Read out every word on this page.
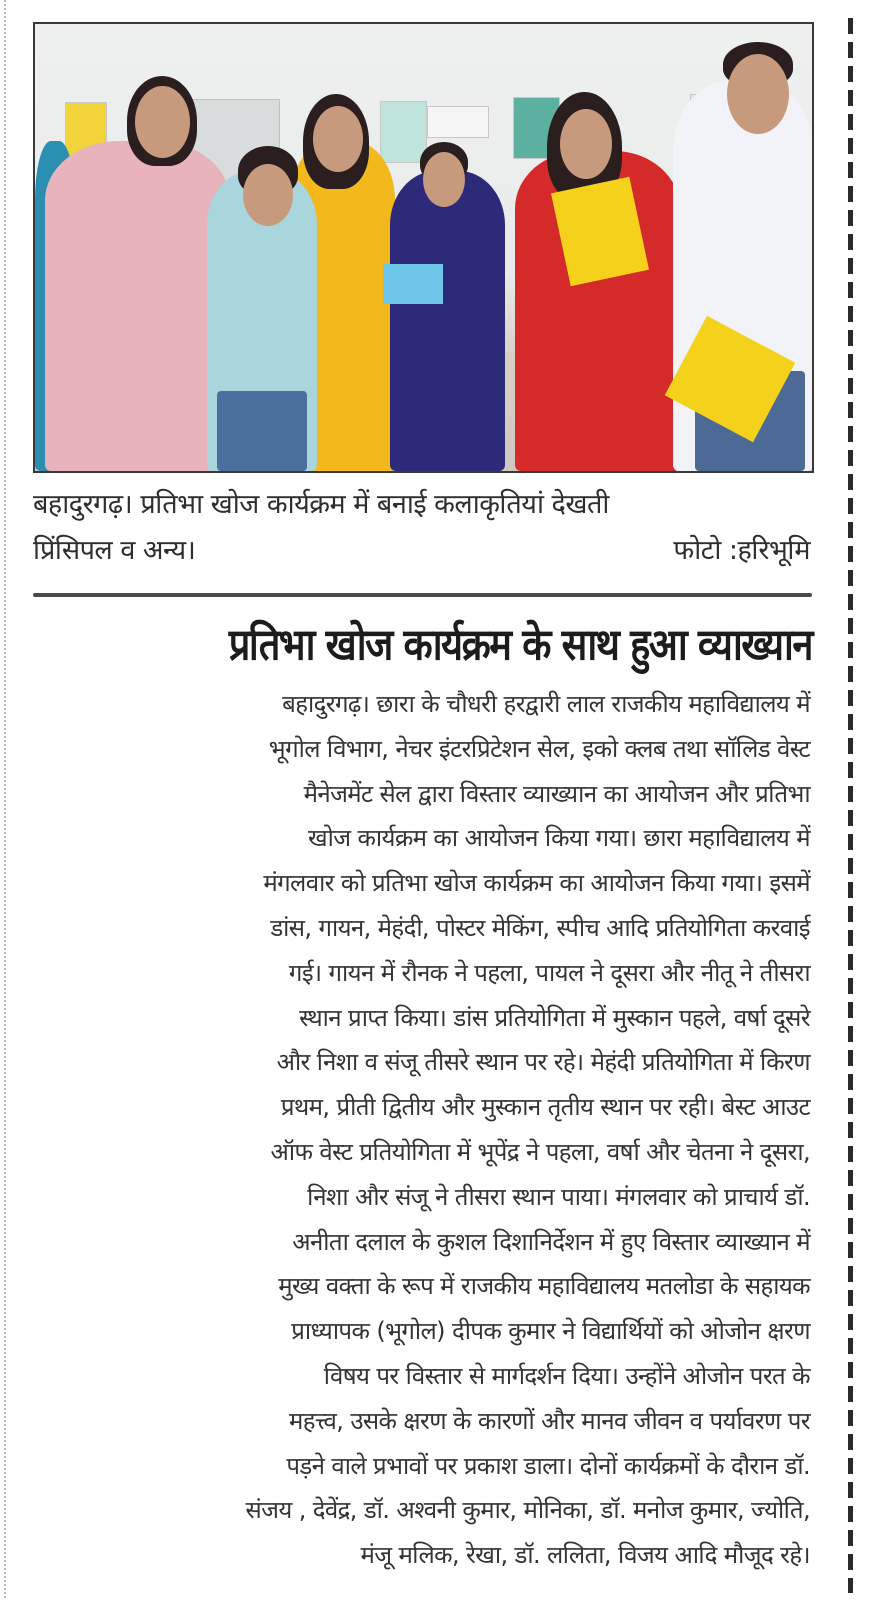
बहादुरगढ़। प्रतिभा खोज कार्यक्रम में बनाई कलाकृतियां देखती
प्रिंसिपल व अन्य।	फोटो :हरिभूमि
प्रतिभा खोज कार्यक्रम के साथ हुआ व्याख्यान
बहादुरगढ़। छारा के चौधरी हरद्वारी लाल राजकीय महाविद्यालय में
भूगोल विभाग, नेचर इंटरप्रिटेशन सेल, इको क्लब तथा सॉलिड वेस्ट
मैनेजमेंट सेल द्वारा विस्तार व्याख्यान का आयोजन और प्रतिभा
खोज कार्यक्रम का आयोजन किया गया। छारा महाविद्यालय में
मंगलवार को प्रतिभा खोज कार्यक्रम का आयोजन किया गया। इसमें
डांस, गायन, मेहंदी, पोस्टर मेकिंग, स्पीच आदि प्रतियोगिता करवाई
गई। गायन में रौनक ने पहला, पायल ने दूसरा और नीतू ने तीसरा
स्थान प्राप्त किया। डांस प्रतियोगिता में मुस्कान पहले, वर्षा दूसरे
और निशा व संजू तीसरे स्थान पर रहे। मेहंदी प्रतियोगिता में किरण
प्रथम, प्रीती द्वितीय और मुस्कान तृतीय स्थान पर रही। बेस्ट आउट
ऑफ वेस्ट प्रतियोगिता में भूपेंद्र ने पहला, वर्षा और चेतना ने दूसरा,
निशा और संजू ने तीसरा स्थान पाया। मंगलवार को प्राचार्य डॉ.
अनीता दलाल के कुशल दिशानिर्देशन में हुए विस्तार व्याख्यान में
मुख्य वक्ता के रूप में राजकीय महाविद्यालय मतलोडा के सहायक
प्राध्यापक (भूगोल) दीपक कुमार ने विद्यार्थियों को ओजोन क्षरण
विषय पर विस्तार से मार्गदर्शन दिया। उन्होंने ओजोन परत के
महत्त्व, उसके क्षरण के कारणों और मानव जीवन व पर्यावरण पर
पड़ने वाले प्रभावों पर प्रकाश डाला। दोनों कार्यक्रमों के दौरान डॉ.
संजय , देवेंद्र, डॉ. अश्वनी कुमार, मोनिका, डॉ. मनोज कुमार, ज्योति,
मंजू मलिक, रेखा, डॉ. ललिता, विजय आदि मौजूद रहे।
